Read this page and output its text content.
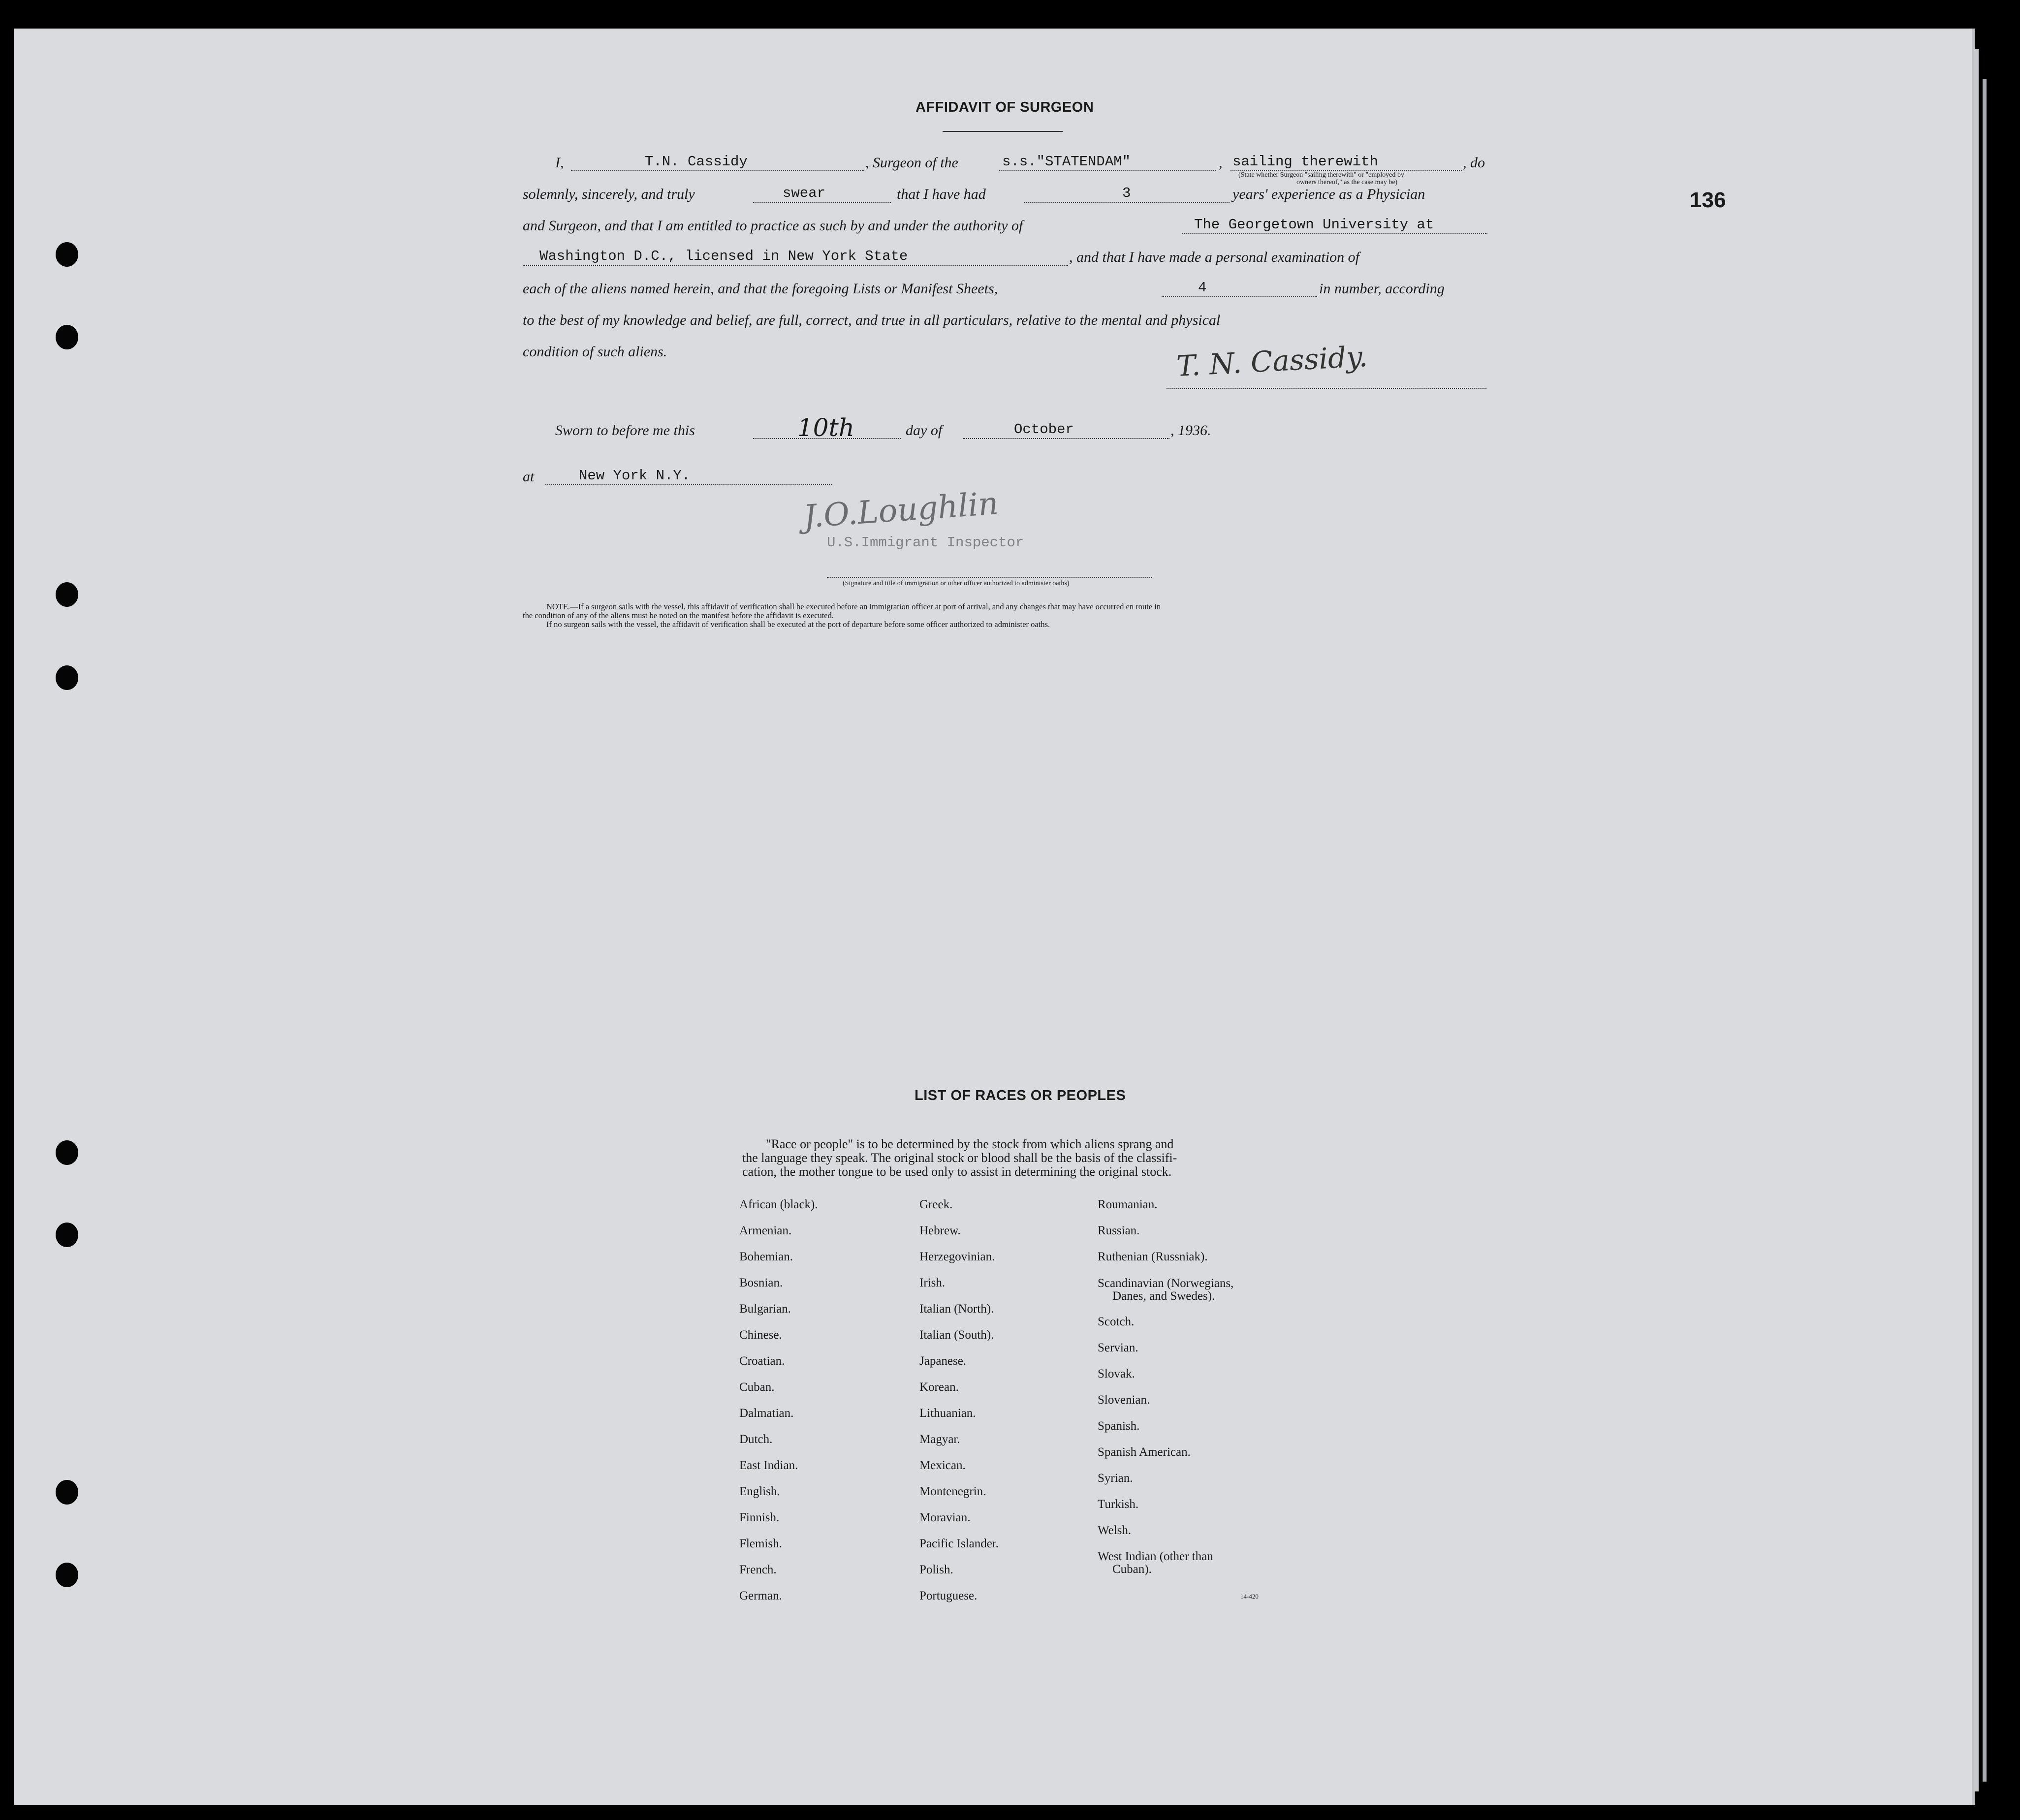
136
AFFIDAVIT OF SURGEON
I,	T.N. Cassidy	, Surgeon of the	s.s."STATENDAM"	, sailing therewith	, do
(State whether Surgeon "sailing therewith" or "employed by
owners thereof," as the case may be)
solemnly, sincerely, and truly	swear	that I have had	3	years' experience as a Physician
and Surgeon, and that I am entitled to practice as such by and under the authority of	The Georgetown University at
Washington D.C., licensed in New York State	, and that I have made a personal examination of
each of the aliens named herein, and that the foregoing Lists or Manifest Sheets,	4	in number, according
to the best of my knowledge and belief, are full, correct, and true in all particulars, relative to the mental and physical
condition of such aliens.	T. N. Cassidy.
Sworn to before me this	10th	day of	October	, 1936.
at	New York N.Y.
J.O.Loughlin
U.S.Immigrant Inspector
(Signature and title of immigration or other officer authorized to administer oaths)
NOTE.—If a surgeon sails with the vessel, this affidavit of verification shall be executed before an immigration officer at port of arrival, and any changes that may have occurred en route in
the condition of any of the aliens must be noted on the manifest before the affidavit is executed.
If no surgeon sails with the vessel, the affidavit of verification shall be executed at the port of departure before some officer authorized to administer oaths.
LIST OF RACES OR PEOPLES
"Race or people" is to be determined by the stock from which aliens sprang and
the language they speak. The original stock or blood shall be the basis of the classifi-
cation, the mother tongue to be used only to assist in determining the original stock.
African (black).
Armenian.
Bohemian.
Bosnian.
Bulgarian.
Chinese.
Croatian.
Cuban.
Dalmatian.
Dutch.
East Indian.
English.
Finnish.
Flemish.
French.
German.
Greek.
Hebrew.
Herzegovinian.
Irish.
Italian (North).
Italian (South).
Japanese.
Korean.
Lithuanian.
Magyar.
Mexican.
Montenegrin.
Moravian.
Pacific Islander.
Polish.
Portuguese.
Roumanian.
Russian.
Ruthenian (Russniak).
Scandinavian (Norwegians,
Danes, and Swedes).
Scotch.
Servian.
Slovak.
Slovenian.
Spanish.
Spanish American.
Syrian.
Turkish.
Welsh.
West Indian (other than
Cuban).
14-420
